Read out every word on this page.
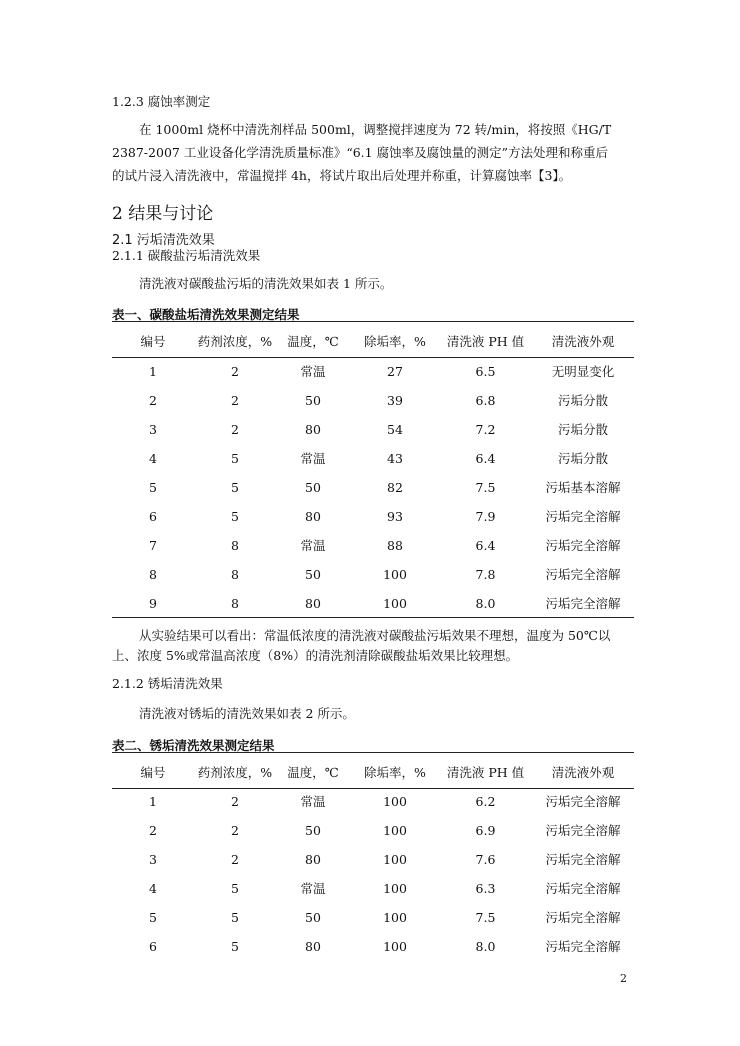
1.2.3 腐蚀率测定
在 1000ml 烧杯中清洗剂样品 500ml，调整搅拌速度为 72 转/min，将按照《HG/T
2387-2007 工业设备化学清洗质量标准》“6.1 腐蚀率及腐蚀量的测定”方法处理和称重后
的试片浸入清洗液中，常温搅拌 4h，将试片取出后处理并称重，计算腐蚀率【3】。
2 结果与讨论
2.1 污垢清洗效果
2.1.1 碳酸盐污垢清洗效果
清洗液对碳酸盐污垢的清洗效果如表 1 所示。
表一、碳酸盐垢清洗效果测定结果
编号	药剂浓度，%	温度，℃	除垢率，%	清洗液 PH 值	清洗液外观
1	2	常温	27	6.5	无明显变化
2	2	50	39	6.8	污垢分散
3	2	80	54	7.2	污垢分散
4	5	常温	43	6.4	污垢分散
5	5	50	82	7.5	污垢基本溶解
6	5	80	93	7.9	污垢完全溶解
7	8	常温	88	6.4	污垢完全溶解
8	8	50	100	7.8	污垢完全溶解
9	8	80	100	8.0	污垢完全溶解
从实验结果可以看出：常温低浓度的清洗液对碳酸盐污垢效果不理想，温度为 50℃以
上、浓度 5%或常温高浓度（8%）的清洗剂清除碳酸盐垢效果比较理想。
2.1.2 锈垢清洗效果
清洗液对锈垢的清洗效果如表 2 所示。
表二、锈垢清洗效果测定结果
编号	药剂浓度，%	温度，℃	除垢率，%	清洗液 PH 值	清洗液外观
1	2	常温	100	6.2	污垢完全溶解
2	2	50	100	6.9	污垢完全溶解
3	2	80	100	7.6	污垢完全溶解
4	5	常温	100	6.3	污垢完全溶解
5	5	50	100	7.5	污垢完全溶解
6	5	80	100	8.0	污垢完全溶解
2
